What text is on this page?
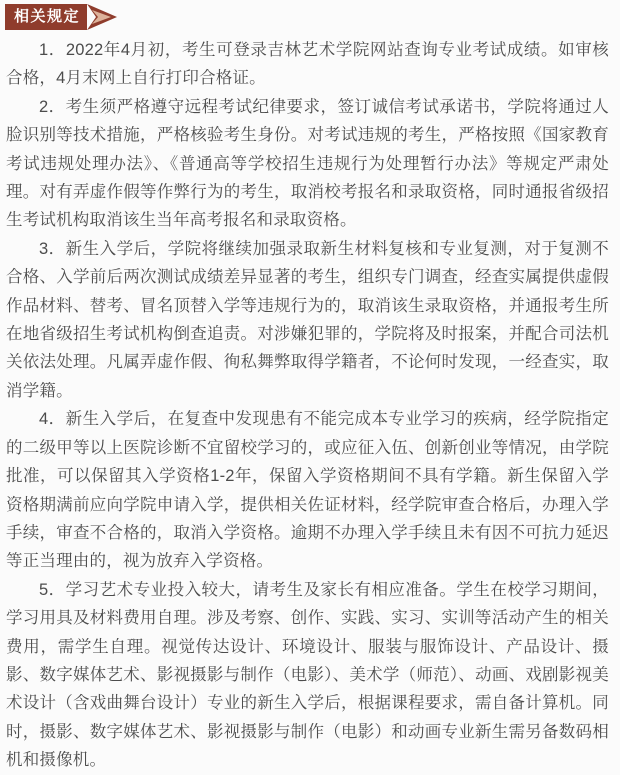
相关规定

1．2022年4月初，考生可登录吉林艺术学院网站查询专业考试成绩。如审核合格，4月末网上自行打印合格证。

2．考生须严格遵守远程考试纪律要求，签订诚信考试承诺书，学院将通过人脸识别等技术措施，严格核验考生身份。对考试违规的考生，严格按照《国家教育考试违规处理办法》、《普通高等学校招生违规行为处理暂行办法》等规定严肃处理。对有弄虚作假等作弊行为的考生，取消校考报名和录取资格，同时通报省级招生考试机构取消该生当年高考报名和录取资格。

3．新生入学后，学院将继续加强录取新生材料复核和专业复测，对于复测不合格、入学前后两次测试成绩差异显著的考生，组织专门调查，经查实属提供虚假作品材料、替考、冒名顶替入学等违规行为的，取消该生录取资格，并通报考生所在地省级招生考试机构倒查追责。对涉嫌犯罪的，学院将及时报案，并配合司法机关依法处理。凡属弄虚作假、徇私舞弊取得学籍者，不论何时发现，一经查实，取消学籍。

4．新生入学后，在复查中发现患有不能完成本专业学习的疾病，经学院指定的二级甲等以上医院诊断不宜留校学习的，或应征入伍、创新创业等情况，由学院批准，可以保留其入学资格1-2年，保留入学资格期间不具有学籍。新生保留入学资格期满前应向学院申请入学，提供相关佐证材料，经学院审查合格后，办理入学手续，审查不合格的，取消入学资格。逾期不办理入学手续且未有因不可抗力延迟等正当理由的，视为放弃入学资格。

5．学习艺术专业投入较大，请考生及家长有相应准备。学生在校学习期间，学习用具及材料费用自理。涉及考察、创作、实践、实习、实训等活动产生的相关费用，需学生自理。视觉传达设计、环境设计、服装与服饰设计、产品设计、摄影、数字媒体艺术、影视摄影与制作（电影）、美术学（师范）、动画、戏剧影视美术设计（含戏曲舞台设计）专业的新生入学后，根据课程要求，需自备计算机。同时，摄影、数字媒体艺术、影视摄影与制作（电影）和动画专业新生需另备数码相机和摄像机。
